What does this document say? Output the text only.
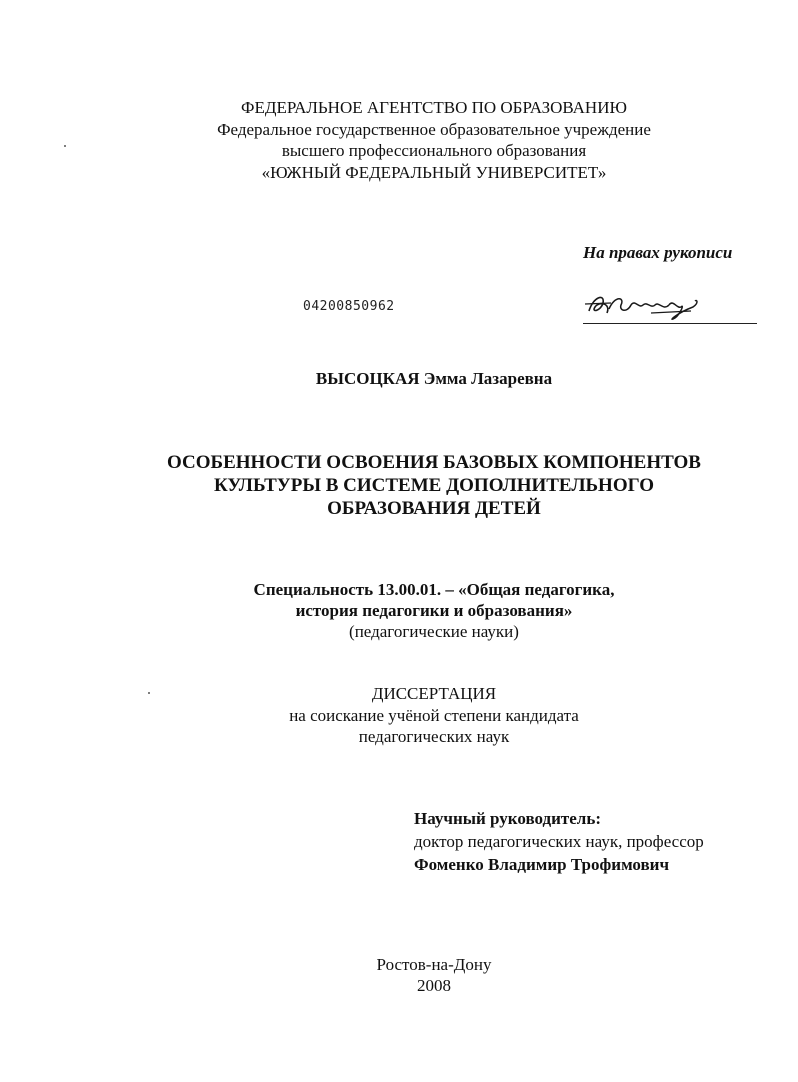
ФЕДЕРАЛЬНОЕ АГЕНТСТВО ПО ОБРАЗОВАНИЮ
Федеральное государственное образовательное учреждение
высшего профессионального образования
«ЮЖНЫЙ ФЕДЕРАЛЬНЫЙ УНИВЕРСИТЕТ»
На правах рукописи
04200850962
ВЫСОЦКАЯ Эмма Лазаревна
ОСОБЕННОСТИ ОСВОЕНИЯ БАЗОВЫХ КОМПОНЕНТОВ
КУЛЬТУРЫ В СИСТЕМЕ ДОПОЛНИТЕЛЬНОГО
ОБРАЗОВАНИЯ ДЕТЕЙ
Специальность 13.00.01. – «Общая педагогика,
история педагогики и образования»
(педагогические науки)
ДИССЕРТАЦИЯ
на соискание учёной степени кандидата
педагогических наук
Научный руководитель:
доктор педагогических наук, профессор
Фоменко Владимир Трофимович
Ростов-на-Дону
2008
